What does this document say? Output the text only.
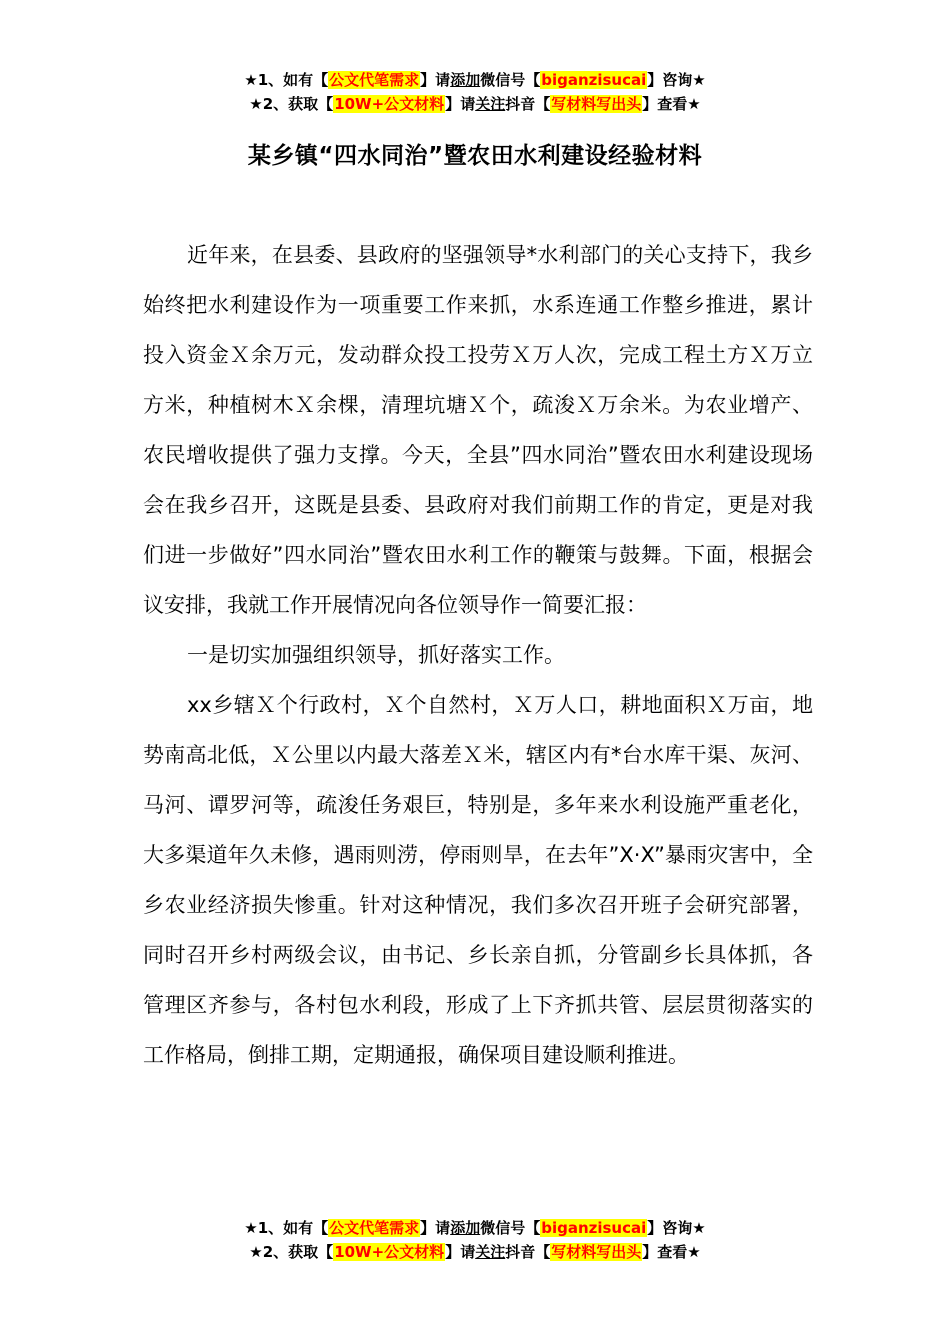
★1、如有【公文代笔需求】请添加微信号【biganzisucai】咨询★
★2、获取【10W+公文材料】请关注抖音【写材料写出头】查看★
某乡镇“四水同治”暨农田水利建设经验材料

近年来，在县委、县政府的坚强领导*水利部门的关心支持下，我乡始终把水利建设作为一项重要工作来抓，水系连通工作整乡推进，累计投入资金Ｘ余万元，发动群众投工投劳Ｘ万人次，完成工程土方Ｘ万立方米，种植树木Ｘ余棵，清理坑塘Ｘ个，疏浚Ｘ万余米。为农业增产、农民增收提供了强力支撑。今天，全县”四水同治”暨农田水利建设现场会在我乡召开，这既是县委、县政府对我们前期工作的肯定，更是对我们进一步做好”四水同治”暨农田水利工作的鞭策与鼓舞。下面，根据会议安排，我就工作开展情况向各位领导作一简要汇报：

一是切实加强组织领导，抓好落实工作。

xx乡辖Ｘ个行政村，Ｘ个自然村，Ｘ万人口，耕地面积Ｘ万亩，地势南高北低，Ｘ公里以内最大落差Ｘ米，辖区内有*台水库干渠、灰河、马河、谭罗河等，疏浚任务艰巨，特别是，多年来水利设施严重老化，大多渠道年久未修，遇雨则涝，停雨则旱，在去年”X·X”暴雨灾害中，全乡农业经济损失惨重。针对这种情况，我们多次召开班子会研究部署，同时召开乡村两级会议，由书记、乡长亲自抓，分管副乡长具体抓，各管理区齐参与，各村包水利段，形成了上下齐抓共管、层层贯彻落实的工作格局，倒排工期，定期通报，确保项目建设顺利推进。

★1、如有【公文代笔需求】请添加微信号【biganzisucai】咨询★
★2、获取【10W+公文材料】请关注抖音【写材料写出头】查看★
